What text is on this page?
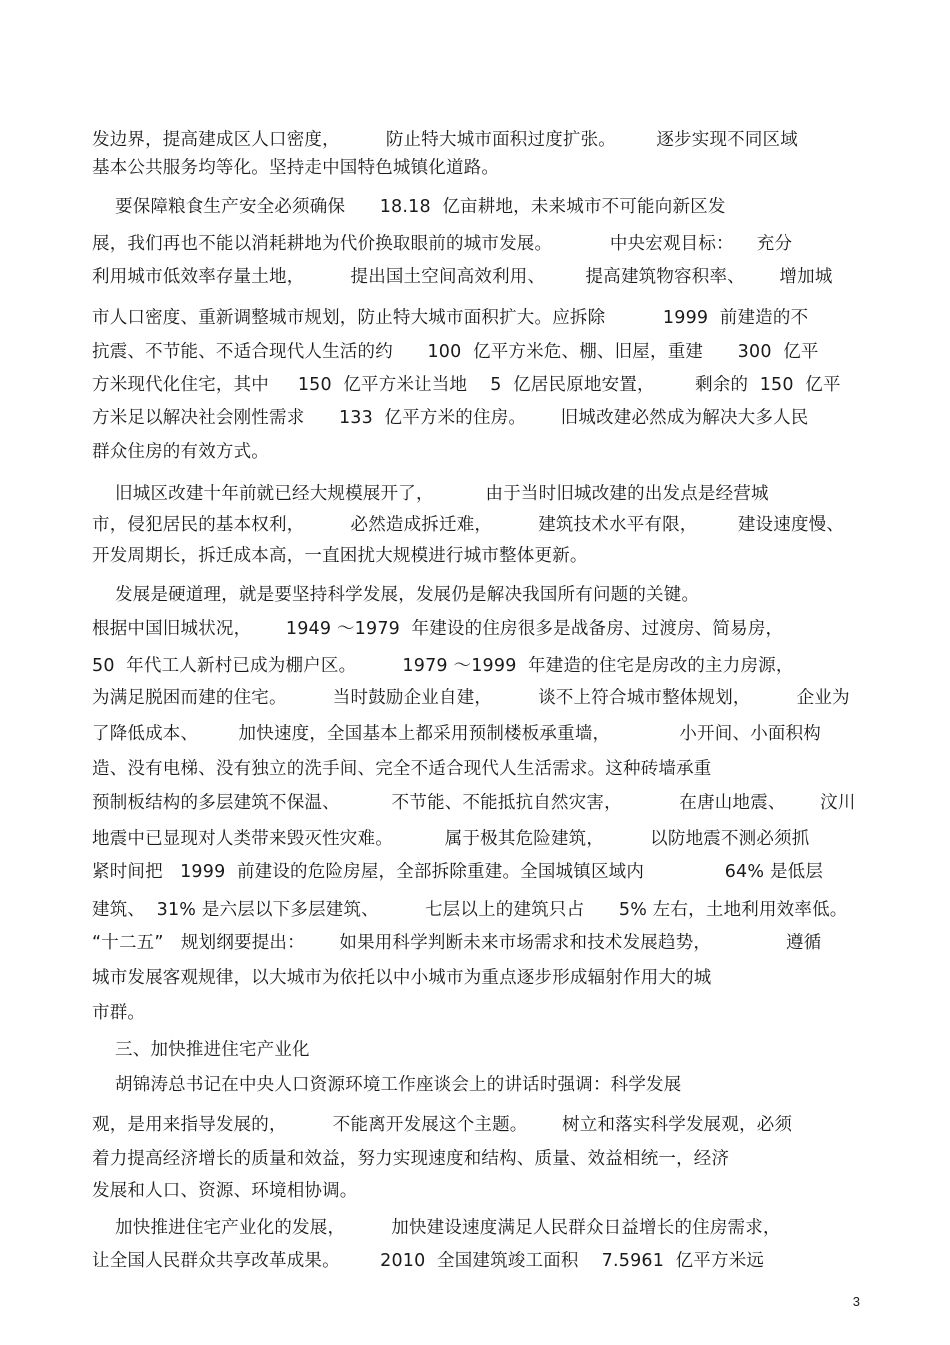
发边界，提高建成区人口密度，        防止特大城市面积过度扩张。       逐步实现不同区域
基本公共服务均等化。坚持走中国特色城镇化道路。
要保障粮食生产安全必须确保      18.18  亿亩耕地，未来城市不可能向新区发
展，我们再也不能以消耗耕地为代价换取眼前的城市发展。          中央宏观目标：    充分
利用城市低效率存量土地，        提出国土空间高效利用、       提高建筑物容积率、      增加城
市人口密度、重新调整城市规划，防止特大城市面积扩大。应拆除          1999  前建造的不
抗震、不节能、不适合现代人生活的约      100  亿平方米危、棚、旧屋，重建      300  亿平
方米现代化住宅，其中     150  亿平方米让当地    5  亿居民原地安置，       剩余的  150  亿平
方米足以解决社会刚性需求      133  亿平方米的住房。      旧城改建必然成为解决大多人民
群众住房的有效方式。
旧城区改建十年前就已经大规模展开了，         由于当时旧城改建的出发点是经营城
市，侵犯居民的基本权利，        必然造成拆迁难，        建筑技术水平有限，       建设速度慢、
开发周期长，拆迁成本高，一直困扰大规模进行城市整体更新。
发展是硬道理，就是要坚持科学发展，发展仍是解决我国所有问题的关键。
根据中国旧城状况，      1949 ～1979  年建设的住房很多是战备房、过渡房、简易房，
50  年代工人新村已成为棚户区。        1979 ～1999  年建造的住宅是房改的主力房源，
为满足脱困而建的住宅。        当时鼓励企业自建，        谈不上符合城市整体规划，        企业为
了降低成本、       加快速度，全国基本上都采用预制楼板承重墙，            小开间、小面积构
造、没有电梯、没有独立的洗手间、完全不适合现代人生活需求。这种砖墙承重
预制板结构的多层建筑不保温、         不节能、不能抵抗自然灾害，          在唐山地震、      汶川
地震中已显现对人类带来毁灭性灾难。         属于极其危险建筑，        以防地震不测必须抓
紧时间把   1999  前建设的危险房屋，全部拆除重建。全国城镇区域内              64% 是低层
建筑、  31% 是六层以下多层建筑、        七层以上的建筑只占      5% 左右，土地利用效率低。
“十二五”   规划纲要提出：      如果用科学判断未来市场需求和技术发展趋势，             遵循
城市发展客观规律，以大城市为依托以中小城市为重点逐步形成辐射作用大的城
市群。
三、加快推进住宅产业化
胡锦涛总书记在中央人口资源环境工作座谈会上的讲话时强调：科学发展
观，是用来指导发展的，        不能离开发展这个主题。      树立和落实科学发展观，必须
着力提高经济增长的质量和效益，努力实现速度和结构、质量、效益相统一，经济
发展和人口、资源、环境相协调。
加快推进住宅产业化的发展，        加快建设速度满足人民群众日益增长的住房需求，
让全国人民群众共享改革成果。       2010  全国建筑竣工面积    7.5961  亿平方米远
3
